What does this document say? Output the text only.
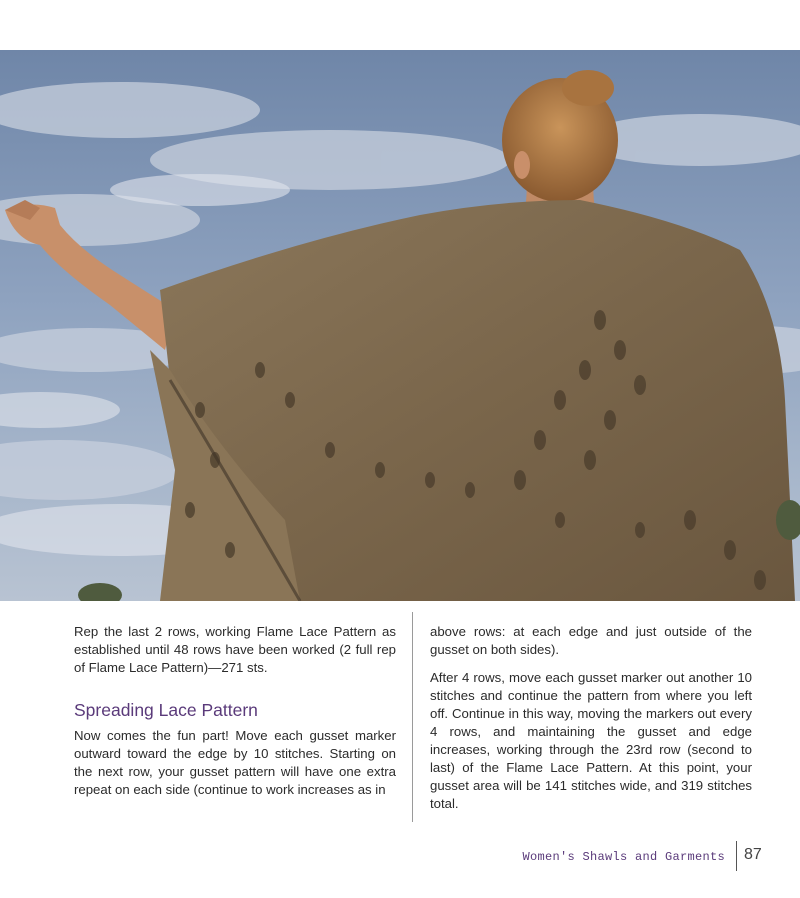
Rep the last 2 rows, working Flame Lace Pattern as established until 48 rows have been worked (2 full rep of Flame Lace Pattern)—271 sts.

Spreading Lace Pattern

Now comes the fun part! Move each gusset marker outward toward the edge by 10 stitches. Starting on the next row, your gusset pattern will have one extra repeat on each side (continue to work increases as in

above rows: at each edge and just outside of the gusset on both sides).

After 4 rows, move each gusset marker out another 10 stitches and continue the pattern from where you left off. Continue in this way, moving the markers out every 4 rows, and maintaining the gusset and edge increases, working through the 23rd row (second to last) of the Flame Lace Pattern. At this point, your gusset area will be 141 stitches wide, and 319 stitches total.

Women's Shawls and Garments 87
